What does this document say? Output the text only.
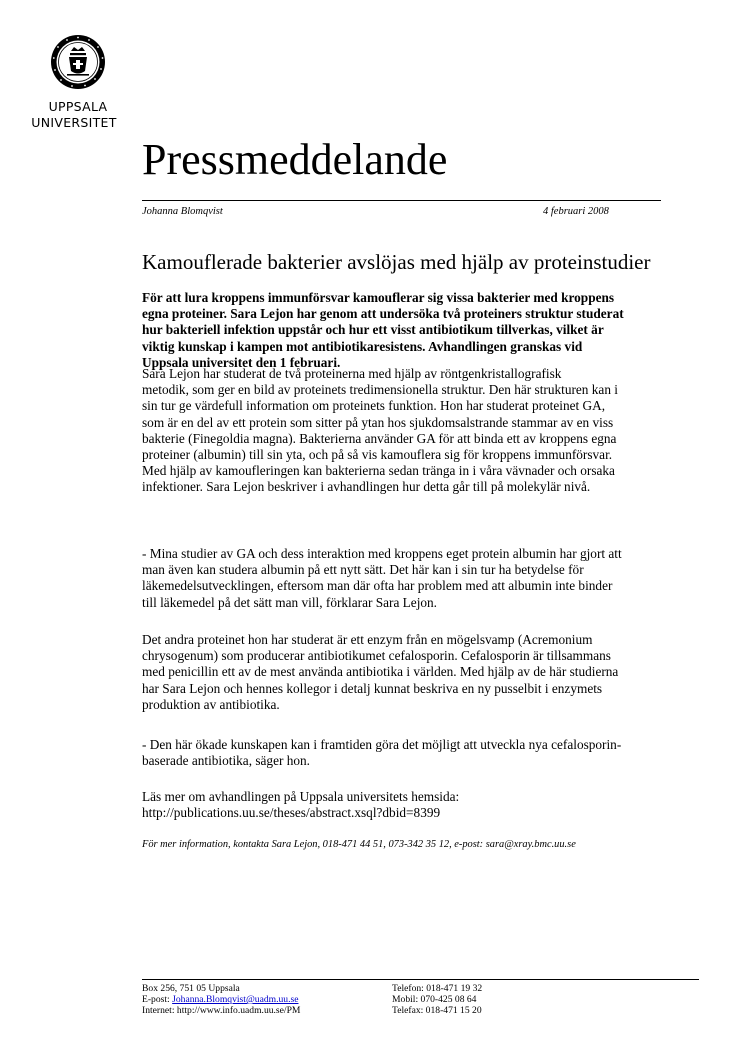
UPPSALA
UNIVERSITET
Pressmeddelande
Johanna Blomqvist	4 februari 2008
Kamouflerade bakterier avslöjas med hjälp av proteinstudier

För att lura kroppens immunförsvar kamouflerar sig vissa bakterier med kroppens

egna proteiner. Sara Lejon har genom att undersöka två proteiners struktur studerat

hur bakteriell infektion uppstår och hur ett visst antibiotikum tillverkas, vilket är

viktig kunskap i kampen mot antibiotikaresistens. Avhandlingen granskas vid

Uppsala universitet den 1 februari.

Sara Lejon har studerat de två proteinerna med hjälp av röntgenkristallografisk

metodik, som ger en bild av proteinets tredimensionella struktur. Den här strukturen kan i

sin tur ge värdefull information om proteinets funktion. Hon har studerat proteinet GA,

som är en del av ett protein som sitter på ytan hos sjukdomsalstrande stammar av en viss

bakterie (Finegoldia magna). Bakterierna använder GA för att binda ett av kroppens egna

proteiner (albumin) till sin yta, och på så vis kamouflera sig för kroppens immunförsvar.

Med hjälp av kamoufleringen kan bakterierna sedan tränga in i våra vävnader och orsaka

infektioner. Sara Lejon beskriver i avhandlingen hur detta går till på molekylär nivå.

- Mina studier av GA och dess interaktion med kroppens eget protein albumin har gjort att

man även kan studera albumin på ett nytt sätt. Det här kan i sin tur ha betydelse för

läkemedelsutvecklingen, eftersom man där ofta har problem med att albumin inte binder

till läkemedel på det sätt man vill, förklarar Sara Lejon.

Det andra proteinet hon har studerat är ett enzym från en mögelsvamp (Acremonium

chrysogenum) som producerar antibiotikumet cefalosporin. Cefalosporin är tillsammans

med penicillin ett av de mest använda antibiotika i världen. Med hjälp av de här studierna

har Sara Lejon och hennes kollegor i detalj kunnat beskriva en ny pusselbit i enzymets

produktion av antibiotika.

- Den här ökade kunskapen kan i framtiden göra det möjligt att utveckla nya cefalosporin-

baserade antibiotika, säger hon.

Läs mer om avhandlingen på Uppsala universitets hemsida:

http://publications.uu.se/theses/abstract.xsql?dbid=8399

För mer information, kontakta Sara Lejon, 018-471 44 51, 073-342 35 12, e-post: sara@xray.bmc.uu.se
Box 256, 751 05 Uppsala
E-post: Johanna.Blomqvist@uadm.uu.se
Internet: http://www.info.uadm.uu.se/PM
Telefon: 018-471 19 32
Mobil: 070-425 08 64
Telefax: 018-471 15 20
